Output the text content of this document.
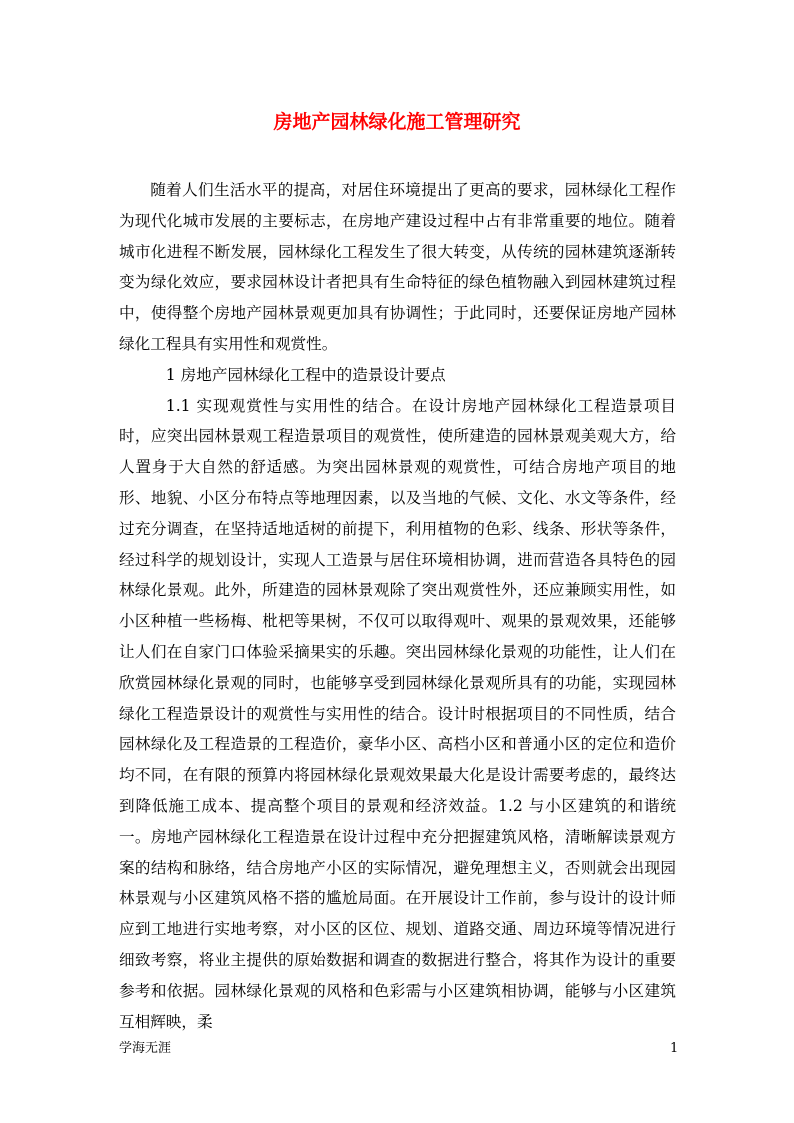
房地产园林绿化施工管理研究

随着人们生活水平的提高，对居住环境提出了更高的要求，园林绿化工程作为现代化城市发展的主要标志，在房地产建设过程中占有非常重要的地位。随着城市化进程不断发展，园林绿化工程发生了很大转变，从传统的园林建筑逐渐转变为绿化效应，要求园林设计者把具有生命特征的绿色植物融入到园林建筑过程中，使得整个房地产园林景观更加具有协调性；于此同时，还要保证房地产园林绿化工程具有实用性和观赏性。

1 房地产园林绿化工程中的造景设计要点

1.1 实现观赏性与实用性的结合。在设计房地产园林绿化工程造景项目时，应突出园林景观工程造景项目的观赏性，使所建造的园林景观美观大方，给人置身于大自然的舒适感。为突出园林景观的观赏性，可结合房地产项目的地形、地貌、小区分布特点等地理因素，以及当地的气候、文化、水文等条件，经过充分调查，在坚持适地适树的前提下，利用植物的色彩、线条、形状等条件，经过科学的规划设计，实现人工造景与居住环境相协调，进而营造各具特色的园林绿化景观。此外，所建造的园林景观除了突出观赏性外，还应兼顾实用性，如小区种植一些杨梅、枇杷等果树，不仅可以取得观叶、观果的景观效果，还能够让人们在自家门口体验采摘果实的乐趣。突出园林绿化景观的功能性，让人们在欣赏园林绿化景观的同时，也能够享受到园林绿化景观所具有的功能，实现园林绿化工程造景设计的观赏性与实用性的结合。设计时根据项目的不同性质，结合园林绿化及工程造景的工程造价，豪华小区、高档小区和普通小区的定位和造价均不同，在有限的预算内将园林绿化景观效果最大化是设计需要考虑的，最终达到降低施工成本、提高整个项目的景观和经济效益。1.2 与小区建筑的和谐统一。房地产园林绿化工程造景在设计过程中充分把握建筑风格，清晰解读景观方案的结构和脉络，结合房地产小区的实际情况，避免理想主义，否则就会出现园林景观与小区建筑风格不搭的尴尬局面。在开展设计工作前，参与设计的设计师应到工地进行实地考察，对小区的区位、规划、道路交通、周边环境等情况进行细致考察，将业主提供的原始数据和调查的数据进行整合，将其作为设计的重要参考和依据。园林绿化景观的风格和色彩需与小区建筑相协调，能够与小区建筑互相辉映，柔

学海无涯	1
